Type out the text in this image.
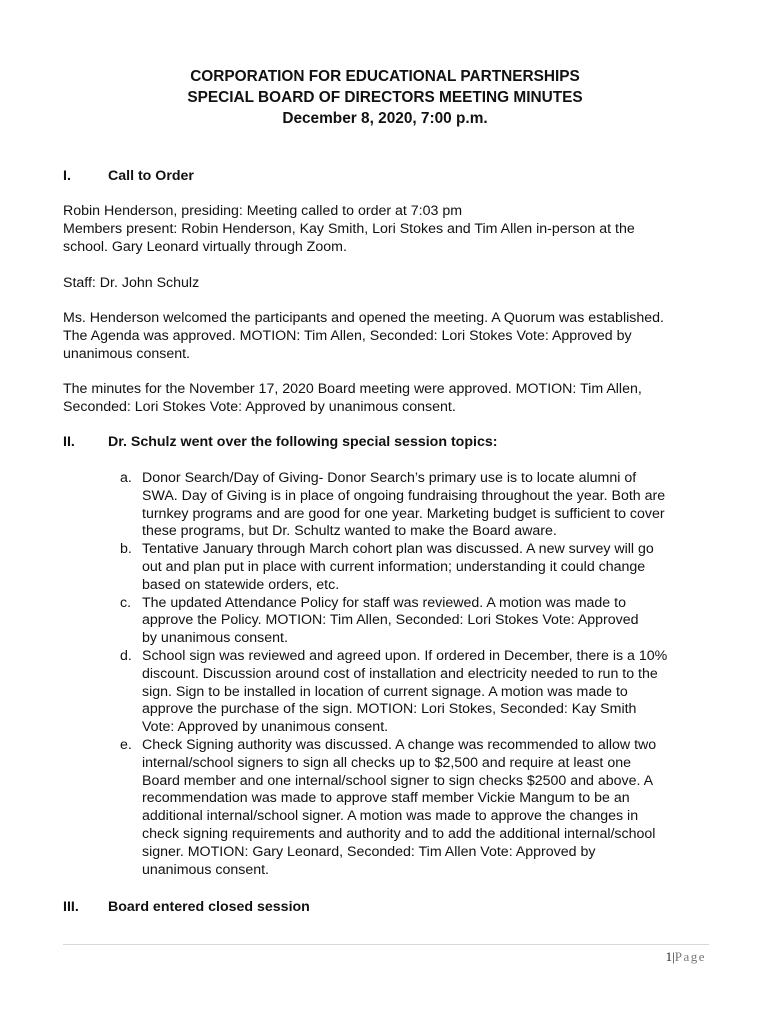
CORPORATION FOR EDUCATIONAL PARTNERSHIPS
SPECIAL BOARD OF DIRECTORS MEETING MINUTES
December 8, 2020, 7:00 p.m.
I.	Call to Order
Robin Henderson, presiding: Meeting called to order at 7:03 pm
Members present: Robin Henderson, Kay Smith, Lori Stokes and Tim Allen in-person at the
school. Gary Leonard virtually through Zoom.
Staff: Dr. John Schulz
Ms. Henderson welcomed the participants and opened the meeting. A Quorum was established.
The Agenda was approved. MOTION: Tim Allen, Seconded: Lori Stokes Vote: Approved by
unanimous consent.
The minutes for the November 17, 2020 Board meeting were approved. MOTION: Tim Allen,
Seconded: Lori Stokes Vote: Approved by unanimous consent.
II. Dr. Schulz went over the following special session topics:
a. Donor Search/Day of Giving- Donor Search’s primary use is to locate alumni of
SWA. Day of Giving is in place of ongoing fundraising throughout the year. Both are
turnkey programs and are good for one year. Marketing budget is sufficient to cover
these programs, but Dr. Schultz wanted to make the Board aware.
b. Tentative January through March cohort plan was discussed. A new survey will go
out and plan put in place with current information; understanding it could change
based on statewide orders, etc.
c. The updated Attendance Policy for staff was reviewed. A motion was made to
approve the Policy. MOTION: Tim Allen, Seconded: Lori Stokes Vote: Approved
by unanimous consent.
d. School sign was reviewed and agreed upon. If ordered in December, there is a 10%
discount. Discussion around cost of installation and electricity needed to run to the
sign. Sign to be installed in location of current signage. A motion was made to
approve the purchase of the sign. MOTION: Lori Stokes, Seconded: Kay Smith
Vote: Approved by unanimous consent.
e. Check Signing authority was discussed. A change was recommended to allow two
internal/school signers to sign all checks up to $2,500 and require at least one
Board member and one internal/school signer to sign checks $2500 and above. A
recommendation was made to approve staff member Vickie Mangum to be an
additional internal/school signer. A motion was made to approve the changes in
check signing requirements and authority and to add the additional internal/school
signer. MOTION: Gary Leonard, Seconded: Tim Allen Vote: Approved by
unanimous consent.
III. Board entered closed session
1|Page
